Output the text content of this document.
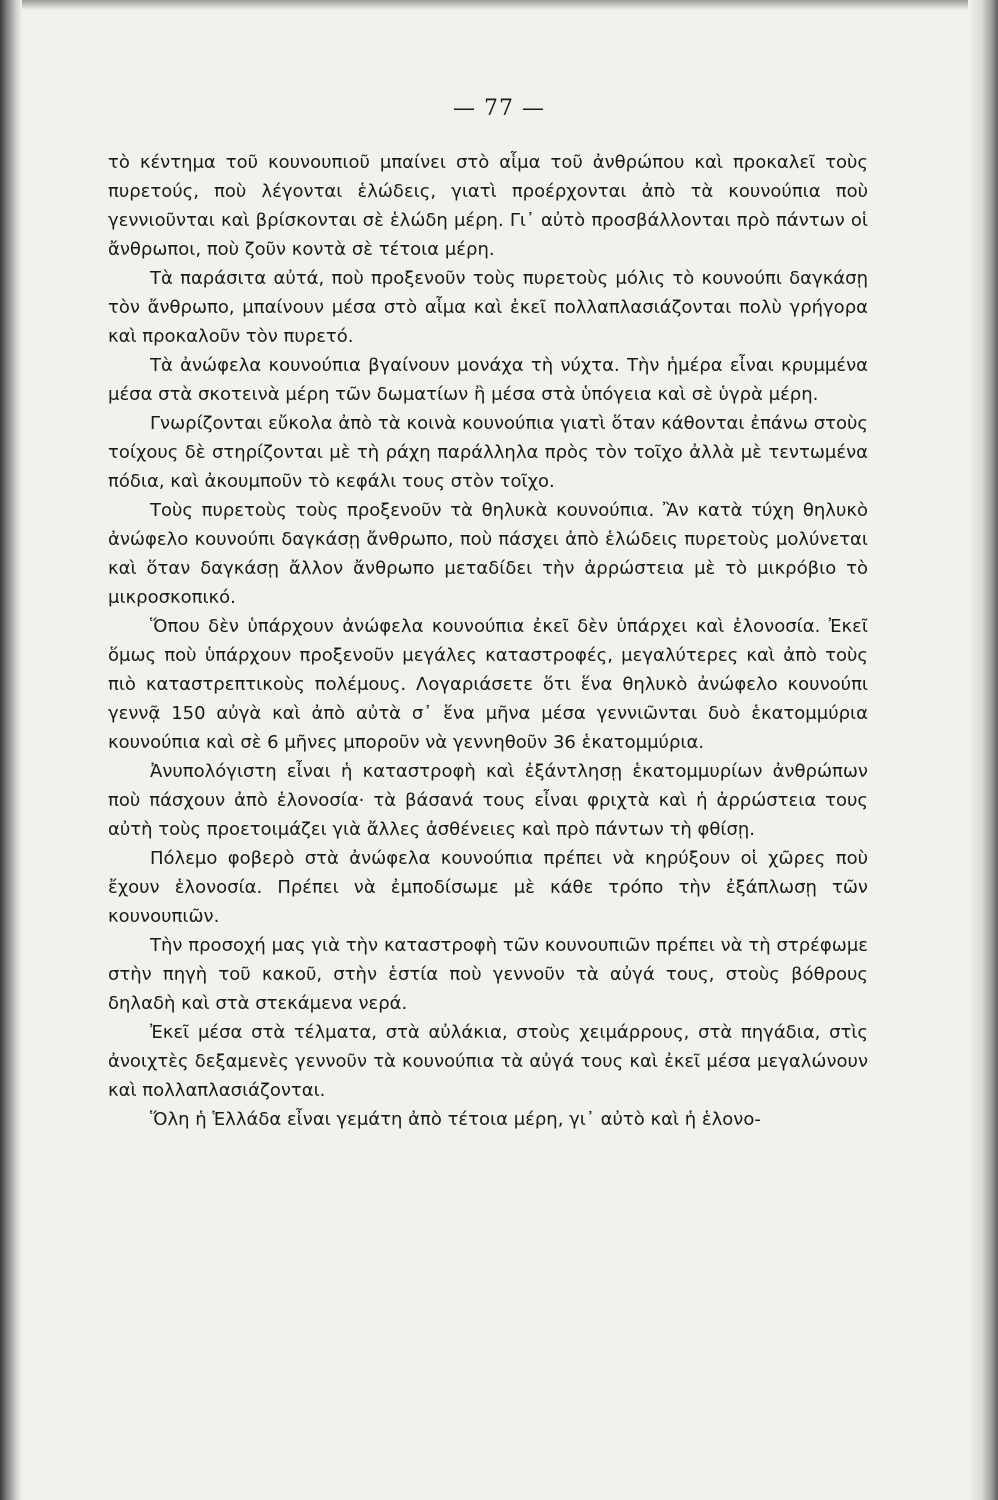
— 77 —

τὸ κέντημα τοῦ κουνουπιοῦ μπαίνει στὸ αἷμα τοῦ ἀνθρώπου καὶ προκαλεῖ τοὺς πυρετούς, ποὺ λέγονται ἑλώδεις, γιατὶ προέρχονται ἀπὸ τὰ κουνούπια ποὺ γεννιοῦνται καὶ βρίσκονται σὲ ἑλώδη μέρη. Γι᾽ αὐτὸ προσβάλλονται πρὸ πάντων οἱ ἄνθρωποι, ποὺ ζοῦν κοντὰ σὲ τέτοια μέρη.

Τὰ παράσιτα αὐτά, ποὺ προξενοῦν τοὺς πυρετοὺς μόλις τὸ κουνούπι δαγκάσῃ τὸν ἄνθρωπο, μπαίνουν μέσα στὸ αἷμα καὶ ἐκεῖ πολλαπλασιάζονται πολὺ γρήγορα καὶ προκαλοῦν τὸν πυρετό.

Τὰ ἀνώφελα κουνούπια βγαίνουν μονάχα τὴ νύχτα. Τὴν ἡμέρα εἶναι κρυμμένα μέσα στὰ σκοτεινὰ μέρη τῶν δωματίων ἢ μέσα στὰ ὑπόγεια καὶ σὲ ὑγρὰ μέρη.

Γνωρίζονται εὔκολα ἀπὸ τὰ κοινὰ κουνούπια γιατὶ ὅταν κάθονται ἐπάνω στοὺς τοίχους δὲ στηρίζονται μὲ τὴ ράχη παράλληλα πρὸς τὸν τοῖχο ἀλλὰ μὲ τεντωμένα πόδια, καὶ ἀκουμποῦν τὸ κεφάλι τους στὸν τοῖχο.

Τοὺς πυρετοὺς τοὺς προξενοῦν τὰ θηλυκὰ κουνούπια. Ἂν κατὰ τύχη θηλυκὸ ἀνώφελο κουνούπι δαγκάσῃ ἄνθρωπο, ποὺ πάσχει ἀπὸ ἑλώδεις πυρετοὺς μολύνεται καὶ ὅταν δαγκάσῃ ἄλλον ἄνθρωπο μεταδίδει τὴν ἀρρώστεια μὲ τὸ μικρόβιο τὸ μικροσκοπικό.

Ὅπου δὲν ὑπάρχουν ἀνώφελα κουνούπια ἐκεῖ δὲν ὑπάρχει καὶ ἑλονοσία. Ἐκεῖ ὅμως ποὺ ὑπάρχουν προξενοῦν μεγάλες καταστροφές, μεγαλύτερες καὶ ἀπὸ τοὺς πιὸ καταστρεπτικοὺς πολέμους. Λογαριάσετε ὅτι ἕνα θηλυκὸ ἀνώφελο κουνούπι γεννᾷ 150 αὐγὰ καὶ ἀπὸ αὐτὰ σ᾽ ἕνα μῆνα μέσα γεννιῶνται δυὸ ἑκατομμύρια κουνούπια καὶ σὲ 6 μῆνες μποροῦν νὰ γεννηθοῦν 36 ἑκατομμύρια.

Ἀνυπολόγιστη εἶναι ἡ καταστροφὴ καὶ ἐξάντλησῃ ἑκατομμυρίων ἀνθρώπων ποὺ πάσχουν ἀπὸ ἑλονοσία· τὰ βάσανά τους εἶναι φριχτὰ καὶ ἡ ἀρρώστεια τους αὐτὴ τοὺς προετοιμάζει γιὰ ἄλλες ἀσθένειες καὶ πρὸ πάντων τὴ φθίσῃ.

Πόλεμο φοβερὸ στὰ ἀνώφελα κουνούπια πρέπει νὰ κηρύξουν οἱ χῶρες ποὺ ἔχουν ἑλονοσία. Πρέπει νὰ ἐμποδίσωμε μὲ κάθε τρόπο τὴν ἐξάπλωσῃ τῶν κουνουπιῶν.

Τὴν προσοχή μας γιὰ τὴν καταστροφὴ τῶν κουνουπιῶν πρέπει νὰ τὴ στρέφωμε στὴν πηγὴ τοῦ κακοῦ, στὴν ἑστία ποὺ γεννοῦν τὰ αὐγά τους, στοὺς βόθρους δηλαδὴ καὶ στὰ στεκάμενα νερά.

Ἐκεῖ μέσα στὰ τέλματα, στὰ αὐλάκια, στοὺς χειμάρρους, στὰ πηγάδια, στὶς ἀνοιχτὲς δεξαμενὲς γεννοῦν τὰ κουνούπια τὰ αὐγά τους καὶ ἐκεῖ μέσα μεγαλώνουν καὶ πολλαπλασιάζονται.

Ὅλη ἡ Ἑλλάδα εἶναι γεμάτη ἀπὸ τέτοια μέρη, γι᾽ αὐτὸ καὶ ἡ ἑλονο-
